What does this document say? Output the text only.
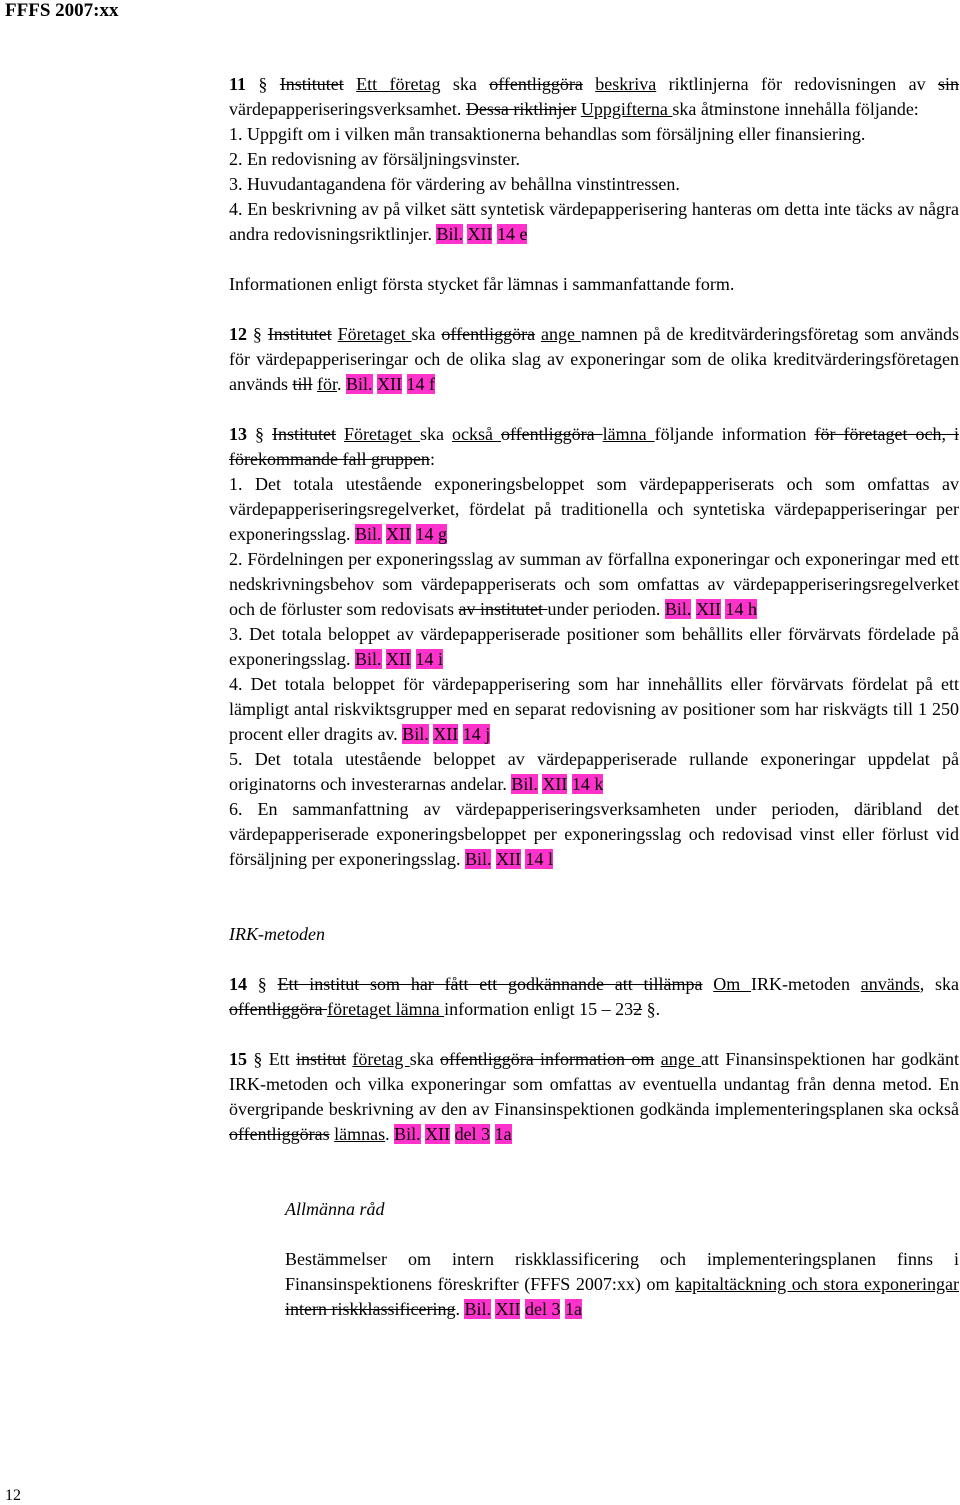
FFFS 2007:xx

11 § Institutet Ett företag ska offentliggöra beskriva riktlinjerna för redovisningen av sin värdepapperiseringsverksamhet. Dessa riktlinjer Uppgifterna ska åtminstone innehålla följande:

1. Uppgift om i vilken mån transaktionerna behandlas som försäljning eller finansiering.

2. En redovisning av försäljningsvinster.

3. Huvudantagandena för värdering av behållna vinstintressen.

4. En beskrivning av på vilket sätt syntetisk värdepapperisering hanteras om detta inte täcks av några andra redovisningsriktlinjer. Bil. XII 14 e

Informationen enligt första stycket får lämnas i sammanfattande form.

12 § Institutet Företaget ska offentliggöra ange namnen på de kreditvärderingsföretag som används för värdepapperiseringar och de olika slag av exponeringar som de olika kreditvärderingsföretagen används till för. Bil. XII 14 f

13 § Institutet Företaget ska också offentliggöra lämna följande information för företaget och, i förekommande fall gruppen:

1. Det totala utestående exponeringsbeloppet som värdepapperiserats och som omfattas av värdepapperiseringsregelverket, fördelat på traditionella och syntetiska värdepapperiseringar per exponeringsslag. Bil. XII 14 g

2. Fördelningen per exponeringsslag av summan av förfallna exponeringar och exponeringar med ett nedskrivningsbehov som värdepapperiserats och som omfattas av värdepapperiseringsregelverket och de förluster som redovisats av institutet under perioden. Bil. XII 14 h

3. Det totala beloppet av värdepapperiserade positioner som behållits eller förvärvats fördelade på exponeringsslag. Bil. XII 14 i

4. Det totala beloppet för värdepapperisering som har innehållits eller förvärvats fördelat på ett lämpligt antal riskviktsgrupper med en separat redovisning av positioner som har riskvägts till 1 250 procent eller dragits av. Bil. XII 14 j

5. Det totala utestående beloppet av värdepapperiserade rullande exponeringar uppdelat på originatorns och investerarnas andelar. Bil. XII 14 k

6. En sammanfattning av värdepapperiseringsverksamheten under perioden, däribland det värdepapperiserade exponeringsbeloppet per exponeringsslag och redovisad vinst eller förlust vid försäljning per exponeringsslag. Bil. XII 14 l

IRK-metoden

14 § Ett institut som har fått ett godkännande att tillämpa Om IRK-metoden används, ska offentliggöra företaget lämna information enligt 15 – 232 §.

15 § Ett institut företag ska offentliggöra information om ange att Finansinspektionen har godkänt IRK-metoden och vilka exponeringar som omfattas av eventuella undantag från denna metod. En övergripande beskrivning av den av Finansinspektionen godkända implementeringsplanen ska också offentliggöras lämnas. Bil. XII del 3 1a

Allmänna råd

Bestämmelser om intern riskklassificering och implementeringsplanen finns i Finansinspektionens föreskrifter (FFFS 2007:xx) om kapitaltäckning och stora exponeringar intern riskklassificering. Bil. XII del 3 1a

12
